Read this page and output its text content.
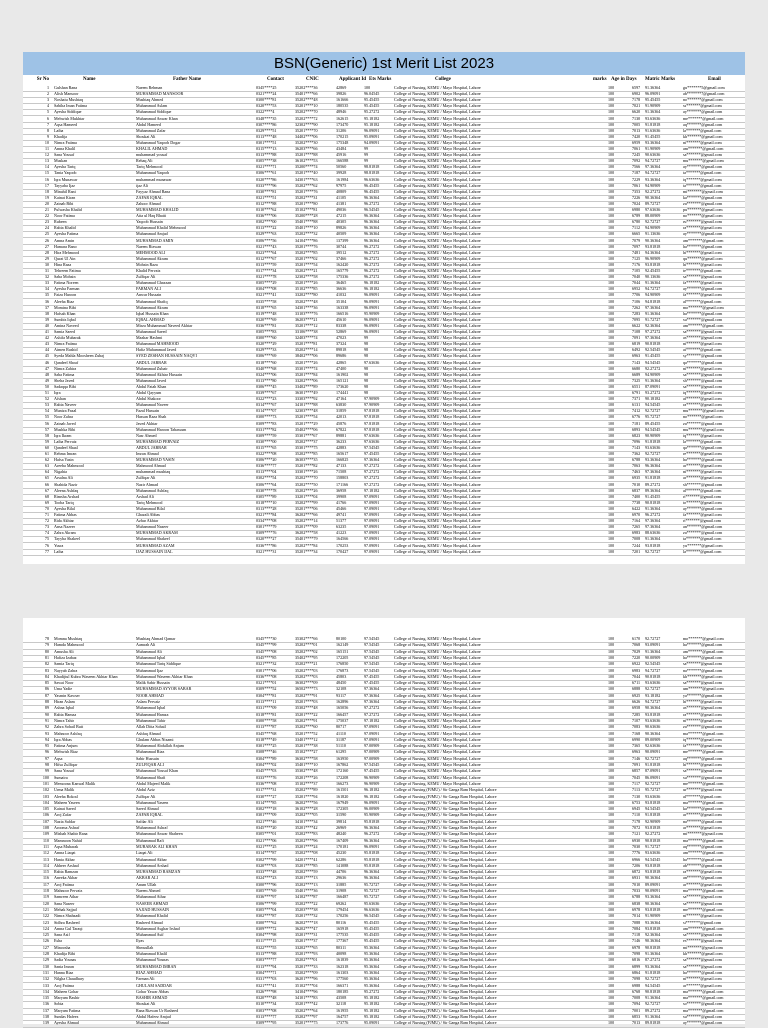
BSN(Generic) 1st Merit List 2023
Sr No	Name	Father Name	Contact	CNIC	Applicant Id Ets Marks	College	marks Age in Days Matric Marks	Email
1 Gulshan Rana	Naeem Rehman	0345****25	35202****36	42869	100	College of Nursing, KEMU / Mayo Hospital, Lahore	100	6597	91.36364	gu*******5@gmail.com
2 Alish Mansoor	MUHAMMAD MANSOOR	0321****24	35401****66	39826	96.04545	College of Nursing, KEMU / Mayo Hospital, Lahore	100	6902	96.09091	ab*******7@gmail.com
3 Noshaiu Mushtaq	Mushtaq Ahmed	0300****81	35202****48	161666	95.45455	College of Nursing, KEMU / Mayo Hospital, Lahore	100	7178	95.45455	no*******@gmail.com
4 Sabiha Iman Fatima	Muhammad Aslam	0320****53	35201****10	180535	95.45455	College of Nursing, KEMU / Mayo Hospital, Lahore	100	7021	91.90909	ss*******@gmail.com
5 Ayesha Siddique	Muhammad Siddique	0322****4	35202****70	48946	95.27272	College of Nursing, KEMU / Mayo Hospital, Lahore	100	6620	91.36364	ay*******@gmail.com
6 Mehwish Mukhtar	Muhammad Anwar Khan	0348****35	35202****72	162615	95.18182	College of Nursing, KEMU / Mayo Hospital, Lahore	100	7130	93.63636	me*******@gmail.com
7 Aqsa Hameed	Abdul Hameed	0307****86	32302****90	173470	95.18182	College of Nursing, KEMU / Mayo Hospital, Lahore	100	7005	91.81818	aq*******@gmail.com
8 Laiba	Muhammad Zafar	0329****51	35201****70	31206	96.09091	College of Nursing, KEMU / Mayo Hospital, Lahore	100	7013	91.63636	la*******@gmail.com
9 Khadija	Shoukat Ali	0313****48	34402****06	170215	95.09091	College of Nursing, KEMU / Mayo Hospital, Lahore	100	7420	91.45455	kh*******@gmail.com
10 Nimra Fatima	Muhammad Yaqoob Dogar	0301****51	35202****30	175348	94.09091	College of Nursing, KEMU / Mayo Hospital, Lahore	100	6959	93.36364	ni*******@gmail.com
11 Amna Khalil	KHALIL AHMAD	0315****13	36203****66	43484	99	College of Nursing, KEMU / Mayo Hospital, Lahore	100	7061	91.90909	am*******@gmail.com
12 Sana Yousaf	muhammad yousaf	0313****88	35201****88	45916	99	College of Nursing, KEMU / Mayo Hospital, Lahore	100	7245	90.63636	sa*******@gmail.com
13 Muskan	Rehaq Ali	0305****38	36102****53	166588	99	College of Nursing, KEMU / Mayo Hospital, Lahore	100	7092	94.72727	mu*******@gmail.com
14 Ayesha Tariq	Tariq Mehmood	0321****71	35200****74	50560	98.81818	College of Nursing, KEMU / Mayo Hospital, Lahore	100	7566	97.36364	ay*******@gmail.com
15 Tania Yaqoob	Muhammad Yaqoob	0306****61	35201****40	39928	98.81818	College of Nursing, KEMU / Mayo Hospital, Lahore	100	7187	94.72727	ta*******@gmail.com
16 Iqra Munawar	muhammad munawar	0320****86	34301****63	161984	96.63636	College of Nursing, KEMU / Mayo Hospital, Lahore	100	7229	93.36364	iq*******@gmail.com
17 Tayyaba Ijaz	ijaz Ali	0333****96	35202****62	97975	96.45455	College of Nursing, KEMU / Mayo Hospital, Lahore	100	7061	94.90909	ta*******@gmail.com
18 Minahil Rani	Fayyaz Ahmad Rana	0330****81	35201****76	40809	96.45455	College of Nursing, KEMU / Mayo Hospital, Lahore	100	7353	92.27272	mi*******@gmail.com
19 Kainat Kiran	ZAFAR IQBAL	0321****51	35202****31	41105	96.36364	College of Nursing, KEMU / Mayo Hospital, Lahore	100	7226	90.36364	ka*******@gmail.com
20 Zainab Bibi	Zahoor Ahmad	0312****88	35201****80	41381	96.27272	College of Nursing, KEMU / Mayo Hospital, Lahore	100	7024	89.72727	za*******@gmail.com
21 Pulwasha Khalid	MUHAMMAD KHALID	0310****62	35102****81	49036	96.54545	College of Nursing, KEMU / Mayo Hospital, Lahore	100	6980	97.63636	pu*******@gmail.com
22 Noor Fatima	Atta ul Haq Bhatti	0336****06	35200****28	47215	96.36364	College of Nursing, KEMU / Mayo Hospital, Lahore	100	6789	88.00909	no*******@gmail.com
23 Rubeen	Yaqoob Hussain	0302****00	35401****88	40305	96.36364	College of Nursing, KEMU / Mayo Hospital, Lahore	100	6780	92.72727	ru*******@gmail.com
24 Rabia Khalid	Muhammad Khalid Mehmood	0313****22	35401****10	89826	96.36364	College of Nursing, KEMU / Mayo Hospital, Lahore	100	7112	94.90909	ra*******@gmail.com
25 Ayesha Fatima	Muhammad Amjad	0329****63	35202****32	40509	96.36364	College of Nursing, KEMU / Mayo Hospital, Lahore	100	6665	91.13636	ay*******@gmail.com
26 Amna Amin	MUHAMMAD AMIN	0306****56	34104****86	137399	96.36364	College of Nursing, KEMU / Mayo Hospital, Lahore	100	7079	90.36364	am*******@gmail.com
27 Hamara Bano	Naeem Rizwan	0321****43	35201****76	30744	96.27272	College of Nursing, KEMU / Mayo Hospital, Lahore	100	7097	93.81818	ha*******@gmail.com
28 Hira Mehmood	MEHMOOD ALI	0323****64	35202****85	39512	96.27272	College of Nursing, KEMU / Mayo Hospital, Lahore	100	7481	94.36364	hi*******@gmail.com
29 Qurat Ul Ain	Muhammad Akram	0312****67	35201****02	37466	96.27272	College of Nursing, KEMU / Mayo Hospital, Lahore	100	7125	96.90909	qu*******@gmail.com
30 Hina Raza	Mohsin Raza	0313****59	35201****54	162420	96.27272	College of Nursing, KEMU / Mayo Hospital, Lahore	100	7176	93.81818	hi*******@gmail.com
31 Tehreem Fatima	Khalid Pervaiz	0317****34	35202****21	165779	96.27272	College of Nursing, KEMU / Mayo Hospital, Lahore	100	7105	92.45455	te*******@gmail.com
32 Saba Mohsin	Zulfiqar Ali	0321****78	32302****58	175336	96.27272	College of Nursing, KEMU / Mayo Hospital, Lahore	100	7040	90.13636	sa*******@gmail.com
33 Fatima Noreen	Muhammad Ghazzan	0305****29	35201****26	36465	96.18182	College of Nursing, KEMU / Mayo Hospital, Lahore	100	7044	91.36364	fa*******@gmail.com
34 Ayesha Farman	FARMAN ALI	0304****08	35102****85	36636	96.18182	College of Nursing, KEMU / Mayo Hospital, Lahore	100	6952	94.72727	ay*******@gmail.com
35 Faiza Haroon	Anwar Hussain	0321****41	33202****80	41032	96.09091	College of Nursing, KEMU / Mayo Hospital, Lahore	100	7706	94.90909	fa*******@gmail.com
36 Aleeha Riaz	Muhammad Shafiq	0335****58	35202****48	35104	96.09091	College of Nursing, KEMU / Mayo Hospital, Lahore	100	7106	94.81818	al*******@gmail.com
37 Momina Bibi	Muhammad Akram	0318****65	34301****36	163338	96.09091	College of Nursing, KEMU / Mayo Hospital, Lahore	100	7262	97.36364	mo*******@gmail.com
38 Hafsah Khan	Iqbal Hussain Khan	0319****48	33103****76	166516	95.90909	College of Nursing, KEMU / Mayo Hospital, Lahore	100	7283	91.36364	ha*******@gmail.com
39 Sumbis Iqbal	IQBAL AHMAD	0320****69	36203****21	45610	96.09091	College of Nursing, KEMU / Mayo Hospital, Lahore	100	7095	91.72727	su*******@gmail.com
40 Amina Naveed	Mirza Muhammad Naveed Akhtar	0336****81	35201****12	83338	96.09091	College of Nursing, KEMU / Mayo Hospital, Lahore	100	6622	92.36364	am*******@gmail.com
41 Samia Saeed	Muhammad Saeed	0305****83	33106****38	52869	96.09091	College of Nursing, KEMU / Mayo Hospital, Lahore	100	7108	97.27272	sa*******@gmail.com
42 Ashifa Mubarak	Mazhar Hashmi	0300****60	32403****74	47023	99	College of Nursing, KEMU / Mayo Hospital, Lahore	100	7091	97.36364	as*******@gmail.com
43 Nimra Fatima	Muhammad MAHMOOD	0320****29	35201****81	37324	98	College of Nursing, KEMU / Mayo Hospital, Lahore	100	6819	90.81818	ni*******@gmail.com
44 Aimen Rashid	Hafiz Muhammad Javed	0329****33	35202****14	89818	98	College of Nursing, KEMU / Mayo Hospital, Lahore	100	6492	92.54545	ai*******@gmail.com
45 Syeda Mahla Moosheen Zubaj	SYED ZESHAN HUSSAIN NAQVI	0306****69	38402****06	89686	98	College of Nursing, KEMU / Mayo Hospital, Lahore	100	6963	91.45455	sy*******@gmail.com
46 Qandeel Shoaf	ABDUL JABBAR	0318****60	35201****26	42865	97.63636	College of Nursing, KEMU / Mayo Hospital, Lahore	100	7143	94.54545	qa*******@gmail.com
47 Nimra Zahira	Muhammad Zubair	0340****68	35301****74	47400	98	College of Nursing, KEMU / Mayo Hospital, Lahore	100	6680	92.27272	ni*******@gmail.com
48 Saba Fatima	Muhammad Akhtar Hussain	0324****06	35201****84	161902	98	College of Nursing, KEMU / Mayo Hospital, Lahore	100	6689	94.90909	sa*******@gmail.com
49 Sheha Javed	Muhammad Javed	0313****80	33202****06	165121	98	College of Nursing, KEMU / Mayo Hospital, Lahore	100	7325	91.36364	sh*******@gmail.com
50 Sadaqqa Bibi	Abdul Fatah Khan	0306****45	33402****89	173620	98	College of Nursing, KEMU / Mayo Hospital, Lahore	100	6551	87.09091	sa*******@gmail.com
51 Iqra	Abdul Qayyum	0339****67	36301****49	174441	98	College of Nursing, KEMU / Mayo Hospital, Lahore	100	6791	93.27272	iq*******@gmail.com
52 Afshan	Abdul Shakoor	0322****23	33303****92	47164	97.90909	College of Nursing, KEMU / Mayo Hospital, Lahore	100	7371	90.18182	af*******@gmail.com
53 Rabia Naveer	Muhammad Naveer	0314****67	34101****88	63830	97.90909	College of Nursing, KEMU / Mayo Hospital, Lahore	100	6131	94.54545	ra*******@gmail.com
54 Muniza Fazal	Fazal Hussain	0314****07	32303****48	31859	97.81818	College of Nursing, KEMU / Mayo Hospital, Lahore	100	7412	92.72727	mu*******@gmail.com
55 Noor Zahra	Hassan Raza Shah	0300****73	35201****54	42013	97.81818	College of Nursing, KEMU / Mayo Hospital, Lahore	100	6776	95.72727	no*******@gmail.com
56 Zainab Javed	Javed Akhtar	0309****83	35201****29	45876	97.81818	College of Nursing, KEMU / Mayo Hospital, Lahore	100	7181	89.45455	za*******@gmail.com
57 Mushka Bibi	Muhammad Haroon Tabassum	0331****82	35402****06	67822	97.81818	College of Nursing, KEMU / Mayo Hospital, Lahore	100	6893	94.54545	mu*******@gmail.com
58 Iqra Ikram	Nasr Ahmed	0309****59	35301****67	89881	97.63636	College of Nursing, KEMU / Mayo Hospital, Lahore	100	6823	90.90909	iq*******@gmail.com
59 Laiba Pervaiz	MUHAMMAD PERVAIZ	0330****00	35202****37	36233	97.63636	College of Nursing, KEMU / Mayo Hospital, Lahore	100	7096	91.81818	la*******@gmail.com
60 Qandeel Shaal	ABDUL JABBAR	0315****65	35301****75	42883	97.54545	College of Nursing, KEMU / Mayo Hospital, Lahore	100	7143	93.63636	qa*******@gmail.com
61 Rehma Imran	Imran Ahmad	0322****08	35202****85	165617	97.45455	College of Nursing, KEMU / Mayo Hospital, Lahore	100	7362	92.72727	re*******@gmail.com
62 Hafsa Yasin	MUHAMMAD YASIN	0306****20	36303****35	166825	97.36364	College of Nursing, KEMU / Mayo Hospital, Lahore	100	6788	93.36364	ha*******@gmail.com
63 Areeba Mahmood	Mahmood Ahmad	0336****77	35201****82	47133	97.27272	College of Nursing, KEMU / Mayo Hospital, Lahore	100	7063	96.36364	ar*******@gmail.com
64 Nigahia	muhammad mushtaq	0313****04	33301****26	71508	97.27272	College of Nursing, KEMU / Mayo Hospital, Lahore	100	7463	97.36364	ni*******@gmail.com
65 Arsalna Ali	Zulfiqar Ali	0302****54	35202****70	158803	97.27272	College of Nursing, KEMU / Mayo Hospital, Lahore	100	6935	91.81818	ar*******@gmail.com
66 Shahida Nazir	Nazir Ahmad	0306****64	35202****50	171166	97.27272	College of Nursing, KEMU / Mayo Hospital, Lahore	100	7010	89.27272	sh*******@gmail.com
67 Aleena Ashfaq	Muhammad Ashfaq	0330****78	35202****26	36958	97.18182	College of Nursing, KEMU / Mayo Hospital, Lahore	100	6837	89.36364	al*******@gmail.com
68 Rimsha Arshad	Arshad Ali	0305****89	33201****04	39908	97.09091	College of Nursing, KEMU / Mayo Hospital, Lahore	100	7400	91.45455	ri*******@gmail.com
69 Tooba Tariq	Tariq Mehmood	0318****10	35202****99	41766	97.09091	College of Nursing, KEMU / Mayo Hospital, Lahore	100	7738	90.81818	to*******@gmail.com
70 Ayesha Bilal	Muhammad Bilal	0313****28	35201****06	45466	97.09091	College of Nursing, KEMU / Mayo Hospital, Lahore	100	6422	91.36364	ay*******@gmail.com
71 Fatima Abbas	Ghazali Abbas	0321****84	36202****66	49741	97.09091	College of Nursing, KEMU / Mayo Hospital, Lahore	100	6970	96.27272	fa*******@gmail.com
72 Rida Akhtar	Azhar Akhtar	0334****08	35202****14	51377	97.09091	College of Nursing, KEMU / Mayo Hospital, Lahore	100	7164	97.36364	ri*******@gmail.com
73 Ansa Nazeer	Muhammad Nazeer	0301****79	35201****09	63235	97.09091	College of Nursing, KEMU / Mayo Hospital, Lahore	100	7265	97.36364	an*******@gmail.com
74 Zahra Akram	MUHAMMAD AKRAM	0309****76	36202****58	41223	97.09091	College of Nursing, KEMU / Mayo Hospital, Lahore	100	6983	88.63636	za*******@gmail.com
75 Tayyba Shakeel	Muhammad Shakeel	0320****27	35401****79	164566	97.09091	College of Nursing, KEMU / Mayo Hospital, Lahore	100	7008	91.36364	ta*******@gmail.com
76 Yusra	MUHAMMAD AZAM	0336****86	35202****84	170253	97.09091	College of Nursing, KEMU / Mayo Hospital, Lahore	100	7244	93.81818	yu*******@gmail.com
77 Laiba	IJAZ HUSSAIN IJAL	0321****31	35201****34	170427	97.09091	College of Nursing, KEMU / Mayo Hospital, Lahore	100	7201	92.72727	la*******@gmail.com
78 Momna Mushtaq	Mushtaq Ahmad Qamar	0345****30	35302****66	80100	97.54545	College of Nursing, KEMU / Mayo Hospital, Lahore	100	6170	92.72727	mo*******@gmail.com
79 Hamda Mahmood	Aamrah Ali	0345****99	35202****01	162149	97.54545	College of Nursing, KEMU / Mayo Hospital, Lahore	100	7068	93.09091	ha*******@gmail.com
80 Amusha Ali	Muhammad Ali	0345****08	35202****02	165151	97.54545	College of Nursing, KEMU / Mayo Hospital, Lahore	100	7029	91.36364	am*******@gmail.com
81 Hafiza Izabaz	Muhammad Iqbal	0345****85	35402****95	172205	97.54545	College of Nursing, KEMU / Mayo Hospital, Lahore	100	7220	90.00909	ha*******@gmail.com
82 Samia Tariq	Muhammad Tariq Siddique	0321****32	35202****21	176850	97.54545	College of Nursing, KEMU / Mayo Hospital, Lahore	100	6922	92.54545	sa*******@gmail.com
83 Nayyab Zahra	Muhammad Ijaz	0301****06	35202****03	176873	97.54545	College of Nursing, KEMU / Mayo Hospital, Lahore	100	6983	94.72727	na*******@gmail.com
84 Khadijtul Kubra Waseem Akhtar Khan	Muhammad Waseem Akhtar Khan	0336****08	35202****03	45803	97.45455	College of Nursing, KEMU / Mayo Hospital, Lahore	100	7044	90.81818	kh*******@gmail.com
85 Sawai Noor	Malik Sabir Hussain	0321****01	36302****09	48450	97.45455	College of Nursing, KEMU / Mayo Hospital, Lahore	100	6711	93.63636	sa*******@gmail.com
86 Uma Yadie	MUHAMMAD AYYOB SABAR	0309****52	36502****73	32108	97.36364	College of Nursing, KEMU / Mayo Hospital, Lahore	100	6888	92.72727	um*******@gmail.com
87 Yasmin Kawser	NOOR AHMAD	0304****81	35202****91	93117	97.36364	College of Nursing, KEMU / Mayo Hospital, Lahore	100	6925	93.18182	ya*******@gmail.com
88 Hiran Aslam	Aslam Pervaiz	0313****11	35201****03	162896	97.36364	College of Nursing, KEMU / Mayo Hospital, Lahore	100	6626	94.72727	hi*******@gmail.com
89 Ashna Iqbal	Muhammad Iqbal	0331****09	35302****48	165056	97.27272	College of Nursing, KEMU / Mayo Hospital, Lahore	100	6958	90.36364	as*******@gmail.com
90 Rabia Hamza	Muhammad Hamza	0318****81	35201****22	166457	97.27272	College of Nursing, KEMU / Mayo Hospital, Lahore	100	7285	93.81818	ra*******@gmail.com
91 Nimra Tahir	Muhammad Tahir	0300****58	35202****91	175037	97.18182	College of Nursing, KEMU / Mayo Hospital, Lahore	100	7107	93.63636	ni*******@gmail.com
92 Zahra Sohail Butt	Allah Ditta Sohail	0313****87	35202****60	80717	97.09091	College of Nursing, KEMU / Mayo Hospital, Lahore	100	7083	90.63636	za*******@gmail.com
93 Mahnoor Ashfaq	Ashfaq Ahmad	0345****68	35201****52	41110	97.09091	College of Nursing, KEMU / Mayo Hospital, Lahore	100	7168	90.36364	ma*******@gmail.com
94 Iqra Abbas	Ghulam Abbas Nizami	0318****49	33401****12	31187	97.09091	College of Nursing, KEMU / Mayo Hospital, Lahore	100	6990	89.00909	iq*******@gmail.com
95 Fatima Anjum	Muhammad Abdullah Anjum	0301****25	35201****38	51110	97.00909	College of Nursing, KEMU / Mayo Hospital, Lahore	100	7365	92.63636	fa*******@gmail.com
96 Mehwish Riaz	Muhammad Riaz	0308****46	35102****27	61295	97.00909	College of Nursing, KEMU / Mayo Hospital, Lahore	100	6963	90.09091	me*******@gmail.com
97 Aqsa	Sabir Hussain	0304****89	36302****58	163950	97.00909	College of Nursing, KEMU / Mayo Hospital, Lahore	100	7146	92.72727	aq*******@gmail.com
98 Hifsa Zulfiqar	ZULFIQAR ALI	0304****02	35401****10	167862	97.54545	College of Nursing, KEMU / Mayo Hospital, Lahore	100	7091	91.81818	hi*******@gmail.com
99 Sana Yousaf	Muhammad Yousaf Khan	0345****03	35302****48	172160	97.45455	College of Nursing, KEMU / Mayo Hospital, Lahore	100	6857	87.09091	sa*******@gmail.com
100 Sumaira	Muhammad Shafi	0333****76	35201****26	172208	96.90909	College of Nursing, KEMU / Mayo Hospital, Lahore	100	7045	86.09091	su*******@gmail.com
101 Memoona Kanwal Malik	Abdul Majeed Malik	0336****08	35102****37	166273	96.90909	College of Nursing, KEMU / Mayo Hospital, Lahore	100	7117	92.72727	me*******@gmail.com
102 Urma Malik	Abdul Aziz	0317****31	35202****89	161501	96.18182	College of Nursing (FJMU) / Sir Ganga Ram Hospital, Lahore	100	7113	95.72727	ur*******@gmail.com
103 Aleeha Bokral	Zulfiqar Ali	0330****27	35201****94	161820	96.18182	College of Nursing (FJMU) / Sir Ganga Ram Hospital, Lahore	100	7130	93.63636	al*******@gmail.com
104 Maheen Yaseen	Muhammad Yaseen	0314****85	36202****56	167949	96.09091	College of Nursing (FJMU) / Sir Ganga Ram Hospital, Lahore	100	6753	93.81818	ma*******@gmail.com
105 Kainat Saeed	Saeed Ahmad	0302****18	36102****28	172305	96.00909	College of Nursing (FJMU) / Sir Ganga Ram Hospital, Lahore	100	6945	94.54545	ka*******@gmail.com
106 Aroj Zafar	ZAFAR IQBAL	0301****09	35202****05	31590	95.90909	College of Nursing (FJMU) / Sir Ganga Ram Hospital, Lahore	100	7110	91.81818	ar*******@gmail.com
107 Nazia Safdar	Safdar Ali	0321****46	34101****34	39814	95.81818	College of Nursing (FJMU) / Sir Ganga Ram Hospital, Lahore	100	7178	92.90909	na*******@gmail.com
108 Arooma Ashraf	Muhammad Ashraf	0345****20	35201****42	26969	96.36364	College of Nursing (FJMU) / Sir Ganga Ram Hospital, Lahore	100	7072	93.81818	ar*******@gmail.com
109 Misbah Shabir Rana	Muhammad Anwar Shaheen	0305****01	35202****83	48240	96.27272	College of Nursing (FJMU) / Sir Ganga Ram Hospital, Lahore	100	7121	92.27272	mi*******@gmail.com
110 Mamnoon Nahid	Muhammad Rafi	0321****06	35202****96	167409	96.36364	College of Nursing (FJMU) / Sir Ganga Ram Hospital, Lahore	100	6930	90.81818	ma*******@gmail.com
111 Aqsa Mubarak	MUBARAK ALI KHAN	0321****25	35201****24	170181	96.09091	College of Nursing (FJMU) / Sir Ganga Ram Hospital, Lahore	100	7030	91.72727	aq*******@gmail.com
112 Amna Liaqat	Liaqat Ali	0314****87	35202****08	45230	95.81818	College of Nursing (FJMU) / Sir Ganga Ram Hospital, Lahore	100	7776	93.63636	am*******@gmail.com
113 Hania Akbar	Muhammad Akbar	0302****99	34201****41	62286	95.81818	College of Nursing (FJMU) / Sir Ganga Ram Hospital, Lahore	100	6966	94.54545	ha*******@gmail.com
114 Abheer Arshad	Muhammad Arshad	0320****03	35201****85	141088	95.81818	College of Nursing (FJMU) / Sir Ganga Ram Hospital, Lahore	100	7206	93.81818	ab*******@gmail.com
115 Rabia Ramzan	MUHAMMAD RAMZAN	0333****48	35202****59	44706	96.36364	College of Nursing (FJMU) / Sir Ganga Ram Hospital, Lahore	100	6872	93.81818	ra*******@gmail.com
116 Aneeka Akbar	AKBAR ALI	0324****23	35201****13	29636	96.36364	College of Nursing (FJMU) / Sir Ganga Ram Hospital, Lahore	100	6931	90.36364	an*******@gmail.com
117 Aroj Fatima	Anum Ullah	0300****96	35202****13	31885	95.72727	College of Nursing (FJMU) / Sir Ganga Ram Hospital, Lahore	100	7010	89.09091	ar*******@gmail.com
118 Mahnoor Pervaiz	Naeem Ahmed	0305****69	35401****36	31908	95.72727	College of Nursing (FJMU) / Sir Ganga Ram Hospital, Lahore	100	7033	90.09091	ma*******@gmail.com
119 Samreen Athar	Muhammad Athar	0336****97	34102****87	166487	95.72727	College of Nursing (FJMU) / Sir Ganga Ram Hospital, Lahore	100	6788	93.36364	sa*******@gmail.com
120 Sana Naseer	NASEER AHMAD	0306****99	35202****22	69262	95.63636	College of Nursing (FJMU) / Sir Ganga Ram Hospital, Lahore	100	6838	90.36364	sa*******@gmail.com
121 Mehak Sajjad	SAJJAD HUSSAIN	0305****04	35203****38	179454	96.63636	College of Nursing (FJMU) / Sir Ganga Ram Hospital, Lahore	100	6978	93.81818	me*******@gmail.com
122 Nimra Shahzadi	Muhammad Khalid	0302****87	35201****32	170256	96.54545	College of Nursing (FJMU) / Sir Ganga Ram Hospital, Lahore	100	7014	91.90909	ni*******@gmail.com
123 Sidhra Rasheed	Rasheed Ahmad	0300****62	36202****18	80116	95.45455	College of Nursing (FJMU) / Sir Ganga Ram Hospital, Lahore	100	7088	93.36364	si*******@gmail.com
124 Amna Gul Taraqi	Muhammad Asghar Irshad	0309****72	36202****47	165918	95.45455	College of Nursing (FJMU) / Sir Ganga Ram Hospital, Lahore	100	7084	93.81818	am*******@gmail.com
125 Sana Asif	Muhammad Asif	0304****98	35201****31	177535	95.45455	College of Nursing (FJMU) / Sir Ganga Ram Hospital, Lahore	100	7118	92.36364	sa*******@gmail.com
126 Esha	Ilyas	0311****15	35201****37	177367	95.45455	College of Nursing (FJMU) / Sir Ganga Ram Hospital, Lahore	100	7146	90.36364	es*******@gmail.com
127 Minoosha	Shmsullah	0322****55	33202****65	80311	95.36364	College of Nursing (FJMU) / Sir Ganga Ram Hospital, Lahore	100	6978	90.81818	mi*******@gmail.com
128 Khadija Bibi	Muhammad Khalil	0313****88	35201****93	40098	95.36364	College of Nursing (FJMU) / Sir Ganga Ram Hospital, Lahore	100	7098	91.36364	kh*******@gmail.com
129 Sadia Younas	Muhammad Younas	0303****77	35202****01	161839	95.36364	College of Nursing (FJMU) / Sir Ganga Ram Hospital, Lahore	100	6816	87.27272	sa*******@gmail.com
130 Sania Imran	MUHAMMAD IMRAN	0313****94	35201****33	162318	95.36364	College of Nursing (FJMU) / Sir Ganga Ram Hospital, Lahore	100	6899	93.36364	sa*******@gmail.com
131 Hanna Riaz	RIAZ AHMAD	0304****71	35202****09	161303	95.36364	College of Nursing (FJMU) / Sir Ganga Ram Hospital, Lahore	100	6864	91.81818	ha*******@gmail.com
132 Nilgha Chaudhary	Farman Ali	0331****03	36201****96	177560	95.36364	College of Nursing (FJMU) / Sir Ganga Ram Hospital, Lahore	100	7098	92.72727	ni*******@gmail.com
133 Aroj Fatima	GHULAM SADDAR	0321****41	35102****04	166371	95.36364	College of Nursing (FJMU) / Sir Ganga Ram Hospital, Lahore	100	6988	94.54545	ar*******@gmail.com
134 Maheen Gohar	Gohar Yawar Abbas	0326****98	34104****96	180185	95.27272	College of Nursing (FJMU) / Sir Ganga Ram Hospital, Lahore	100	6768	90.81818	ma*******@gmail.com
135 Maryam Bashir	BASHIR AHMAD	0320****48	34101****83	43508	95.18182	College of Nursing (FJMU) / Sir Ganga Ram Hospital, Lahore	100	7008	91.36364	ma*******@gmail.com
136 Sobia	Shoukat Ali	0310****34	35201****42	32118	95.18182	College of Nursing (FJMU) / Sir Ganga Ram Hospital, Lahore	100	7094	92.72727	so*******@gmail.com
137 Maryam Fatima	Rana Rizwan Ur Rasheed	0303****08	35202****64	161955	95.18182	College of Nursing (FJMU) / Sir Ganga Ram Hospital, Lahore	100	7001	89.27272	ma*******@gmail.com
138 Sundas Hafeez	Abdul Hafeez Amjad	0313****77	35202****97	164757	95.18182	College of Nursing (FJMU) / Sir Ganga Ram Hospital, Lahore	100	6853	91.36364	su*******@gmail.com
139 Ayesha Ahmad	Muhammad Ahmad	0309****95	35201****75	173776	95.09091	College of Nursing (FJMU) / Sir Ganga Ram Hospital, Lahore	100	7013	89.81818	ay*******@gmail.com
